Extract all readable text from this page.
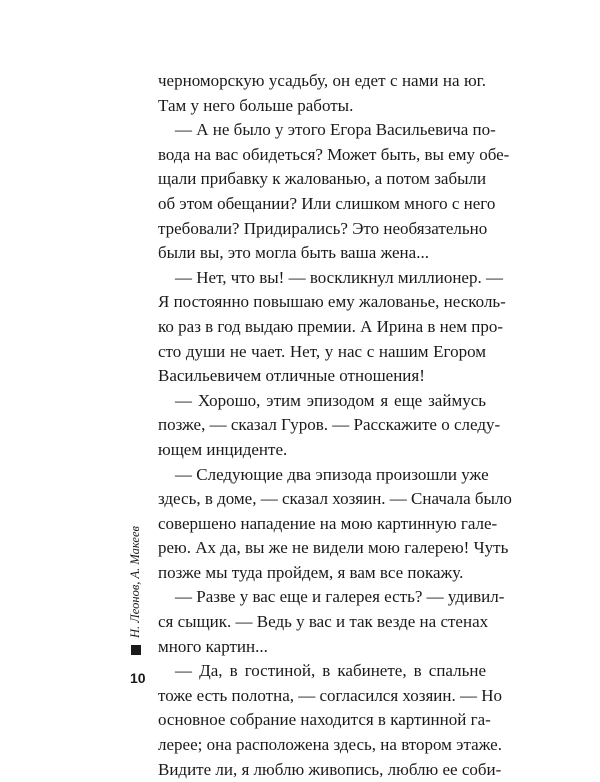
черноморскую усадьбу, он едет с нами на юг.
Там у него больше работы.
— А не было у этого Егора Васильевича по-
вода на вас обидеться? Может быть, вы ему обе-
щали прибавку к жалованью, а потом забыли
об этом обещании? Или слишком много с него
требовали? Придирались? Это необязательно
были вы, это могла быть ваша жена...
— Нет, что вы! — воскликнул миллионер. —
Я постоянно повышаю ему жалованье, несколь-
ко раз в год выдаю премии. А Ирина в нем про-
сто души не чает. Нет, у нас с нашим Егором
Васильевичем отличные отношения!
— Хорошо, этим эпизодом я еще займусь
позже, — сказал Гуров. — Расскажите о следу-
ющем инциденте.
— Следующие два эпизода произошли уже
здесь, в доме, — сказал хозяин. — Сначала было
совершено нападение на мою картинную гале-
рею. Ах да, вы же не видели мою галерею! Чуть
позже мы туда пройдем, я вам все покажу.
— Разве у вас еще и галерея есть? — удивил-
ся сыщик. — Ведь у вас и так везде на стенах
много картин...
— Да, в гостиной, в кабинете, в спальне
тоже есть полотна, — согласился хозяин. — Но
основное собрание находится в картинной га-
лерее; она расположена здесь, на втором этаже.
Видите ли, я люблю живопись, люблю ее соби-
Н. Леонов, А. Макеев
10
